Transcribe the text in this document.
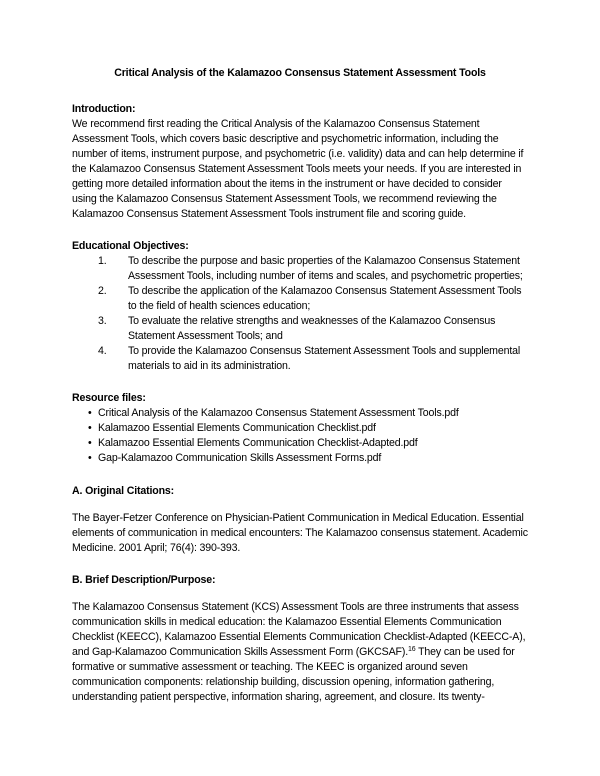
Critical Analysis of the Kalamazoo Consensus Statement Assessment Tools

Introduction:

We recommend first reading the Critical Analysis of the Kalamazoo Consensus Statement Assessment Tools, which covers basic descriptive and psychometric information, including the number of items, instrument purpose, and psychometric (i.e. validity) data and can help determine if the Kalamazoo Consensus Statement Assessment Tools meets your needs. If you are interested in getting more detailed information about the items in the instrument or have decided to consider using the Kalamazoo Consensus Statement Assessment Tools, we recommend reviewing the Kalamazoo Consensus Statement Assessment Tools instrument file and scoring guide.

Educational Objectives:

1. To describe the purpose and basic properties of the Kalamazoo Consensus Statement Assessment Tools, including number of items and scales, and psychometric properties;
2. To describe the application of the Kalamazoo Consensus Statement Assessment Tools to the field of health sciences education;
3. To evaluate the relative strengths and weaknesses of the Kalamazoo Consensus Statement Assessment Tools; and
4. To provide the Kalamazoo Consensus Statement Assessment Tools and supplemental materials to aid in its administration.

Resource files:

• Critical Analysis of the Kalamazoo Consensus Statement Assessment Tools.pdf
• Kalamazoo Essential Elements Communication Checklist.pdf
• Kalamazoo Essential Elements Communication Checklist-Adapted.pdf
• Gap-Kalamazoo Communication Skills Assessment Forms.pdf

A. Original Citations:

The Bayer-Fetzer Conference on Physician-Patient Communication in Medical Education. Essential elements of communication in medical encounters: The Kalamazoo consensus statement. Academic Medicine. 2001 April; 76(4): 390-393.

B. Brief Description/Purpose:

The Kalamazoo Consensus Statement (KCS) Assessment Tools are three instruments that assess communication skills in medical education: the Kalamazoo Essential Elements Communication Checklist (KEECC), Kalamazoo Essential Elements Communication Checklist-Adapted (KEECC-A), and Gap-Kalamazoo Communication Skills Assessment Form (GKCSAF).$^{16}$ They can be used for formative or summative assessment or teaching. The KEEC is organized around seven communication components: relationship building, discussion opening, information gathering, understanding patient perspective, information sharing, agreement, and closure. Its twenty-
